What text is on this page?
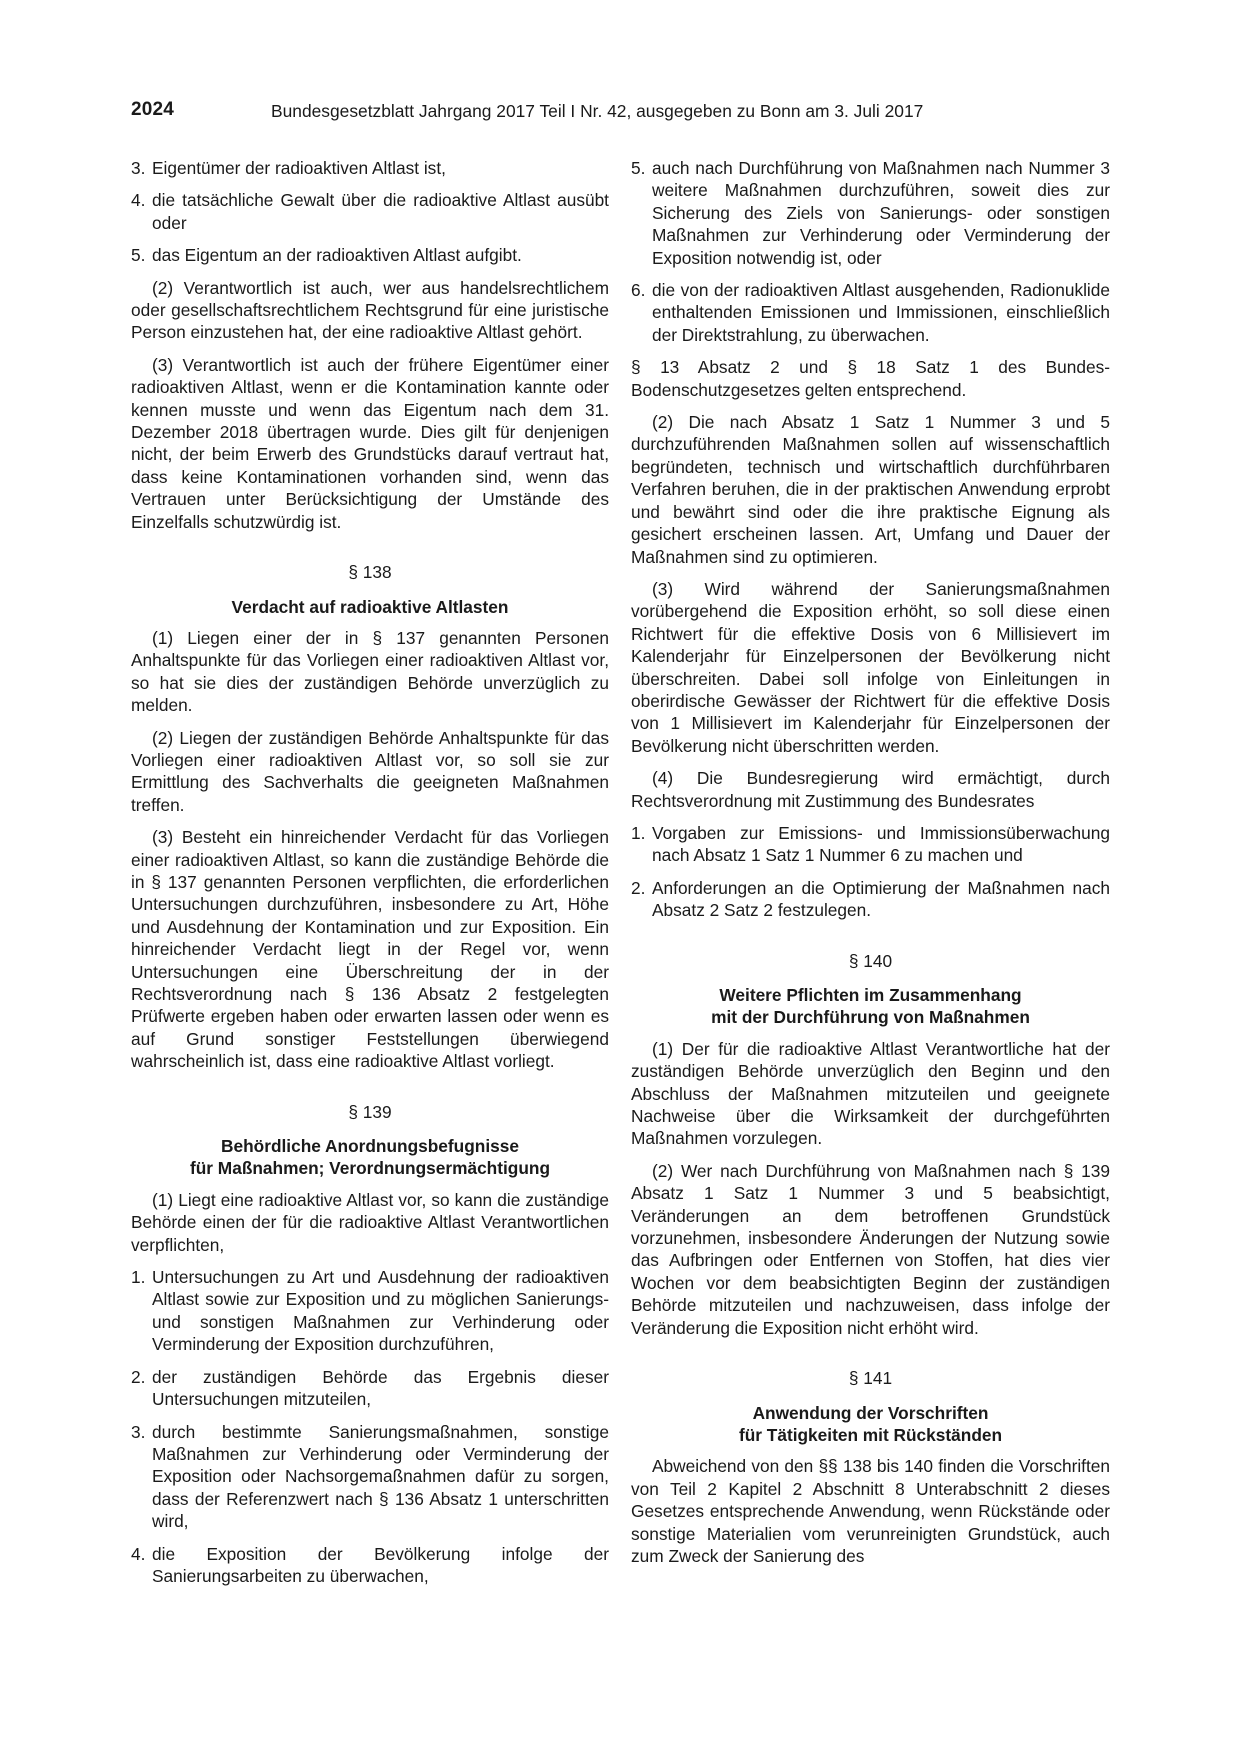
2024	Bundesgesetzblatt Jahrgang 2017 Teil I Nr. 42, ausgegeben zu Bonn am 3. Juli 2017
3. Eigentümer der radioaktiven Altlast ist,
4. die tatsächliche Gewalt über die radioaktive Altlast ausübt oder
5. das Eigentum an der radioaktiven Altlast aufgibt.

(2) Verantwortlich ist auch, wer aus handelsrechtlichem oder gesellschaftsrechtlichem Rechtsgrund für eine juristische Person einzustehen hat, der eine radioaktive Altlast gehört.

(3) Verantwortlich ist auch der frühere Eigentümer einer radioaktiven Altlast, wenn er die Kontamination kannte oder kennen musste und wenn das Eigentum nach dem 31. Dezember 2018 übertragen wurde. Dies gilt für denjenigen nicht, der beim Erwerb des Grundstücks darauf vertraut hat, dass keine Kontaminationen vorhanden sind, wenn das Vertrauen unter Berücksichtigung der Umstände des Einzelfalls schutzwürdig ist.

§ 138
Verdacht auf radioaktive Altlasten

(1) Liegen einer der in § 137 genannten Personen Anhaltspunkte für das Vorliegen einer radioaktiven Altlast vor, so hat sie dies der zuständigen Behörde unverzüglich zu melden.

(2) Liegen der zuständigen Behörde Anhaltspunkte für das Vorliegen einer radioaktiven Altlast vor, so soll sie zur Ermittlung des Sachverhalts die geeigneten Maßnahmen treffen.

(3) Besteht ein hinreichender Verdacht für das Vorliegen einer radioaktiven Altlast, so kann die zuständige Behörde die in § 137 genannten Personen verpflichten, die erforderlichen Untersuchungen durchzuführen, insbesondere zu Art, Höhe und Ausdehnung der Kontamination und zur Exposition. Ein hinreichender Verdacht liegt in der Regel vor, wenn Untersuchungen eine Überschreitung der in der Rechtsverordnung nach § 136 Absatz 2 festgelegten Prüfwerte ergeben haben oder erwarten lassen oder wenn es auf Grund sonstiger Feststellungen überwiegend wahrscheinlich ist, dass eine radioaktive Altlast vorliegt.

§ 139
Behördliche Anordnungsbefugnisse
für Maßnahmen; Verordnungsermächtigung

(1) Liegt eine radioaktive Altlast vor, so kann die zuständige Behörde einen der für die radioaktive Altlast Verantwortlichen verpflichten,

1. Untersuchungen zu Art und Ausdehnung der radioaktiven Altlast sowie zur Exposition und zu möglichen Sanierungs- und sonstigen Maßnahmen zur Verhinderung oder Verminderung der Exposition durchzuführen,
2. der zuständigen Behörde das Ergebnis dieser Untersuchungen mitzuteilen,
3. durch bestimmte Sanierungsmaßnahmen, sonstige Maßnahmen zur Verhinderung oder Verminderung der Exposition oder Nachsorgemaßnahmen dafür zu sorgen, dass der Referenzwert nach § 136 Absatz 1 unterschritten wird,
4. die Exposition der Bevölkerung infolge der Sanierungsarbeiten zu überwachen,
5. auch nach Durchführung von Maßnahmen nach Nummer 3 weitere Maßnahmen durchzuführen, soweit dies zur Sicherung des Ziels von Sanierungs- oder sonstigen Maßnahmen zur Verhinderung oder Verminderung der Exposition notwendig ist, oder
6. die von der radioaktiven Altlast ausgehenden, Radionuklide enthaltenden Emissionen und Immissionen, einschließlich der Direktstrahlung, zu überwachen.

§ 13 Absatz 2 und § 18 Satz 1 des Bundes-Bodenschutzgesetzes gelten entsprechend.

(2) Die nach Absatz 1 Satz 1 Nummer 3 und 5 durchzuführenden Maßnahmen sollen auf wissenschaftlich begründeten, technisch und wirtschaftlich durchführbaren Verfahren beruhen, die in der praktischen Anwendung erprobt und bewährt sind oder die ihre praktische Eignung als gesichert erscheinen lassen. Art, Umfang und Dauer der Maßnahmen sind zu optimieren.

(3) Wird während der Sanierungsmaßnahmen vorübergehend die Exposition erhöht, so soll diese einen Richtwert für die effektive Dosis von 6 Millisievert im Kalenderjahr für Einzelpersonen der Bevölkerung nicht überschreiten. Dabei soll infolge von Einleitungen in oberirdische Gewässer der Richtwert für die effektive Dosis von 1 Millisievert im Kalenderjahr für Einzelpersonen der Bevölkerung nicht überschritten werden.

(4) Die Bundesregierung wird ermächtigt, durch Rechtsverordnung mit Zustimmung des Bundesrates

1. Vorgaben zur Emissions- und Immissionsüberwachung nach Absatz 1 Satz 1 Nummer 6 zu machen und
2. Anforderungen an die Optimierung der Maßnahmen nach Absatz 2 Satz 2 festzulegen.
§ 140
Weitere Pflichten im Zusammenhang
mit der Durchführung von Maßnahmen

(1) Der für die radioaktive Altlast Verantwortliche hat der zuständigen Behörde unverzüglich den Beginn und den Abschluss der Maßnahmen mitzuteilen und geeignete Nachweise über die Wirksamkeit der durchgeführten Maßnahmen vorzulegen.

(2) Wer nach Durchführung von Maßnahmen nach § 139 Absatz 1 Satz 1 Nummer 3 und 5 beabsichtigt, Veränderungen an dem betroffenen Grundstück vorzunehmen, insbesondere Änderungen der Nutzung sowie das Aufbringen oder Entfernen von Stoffen, hat dies vier Wochen vor dem beabsichtigten Beginn der zuständigen Behörde mitzuteilen und nachzuweisen, dass infolge der Veränderung die Exposition nicht erhöht wird.

§ 141
Anwendung der Vorschriften
für Tätigkeiten mit Rückständen

Abweichend von den §§ 138 bis 140 finden die Vorschriften von Teil 2 Kapitel 2 Abschnitt 8 Unterabschnitt 2 dieses Gesetzes entsprechende Anwendung, wenn Rückstände oder sonstige Materialien vom verunreinigten Grundstück, auch zum Zweck der Sanierung des
